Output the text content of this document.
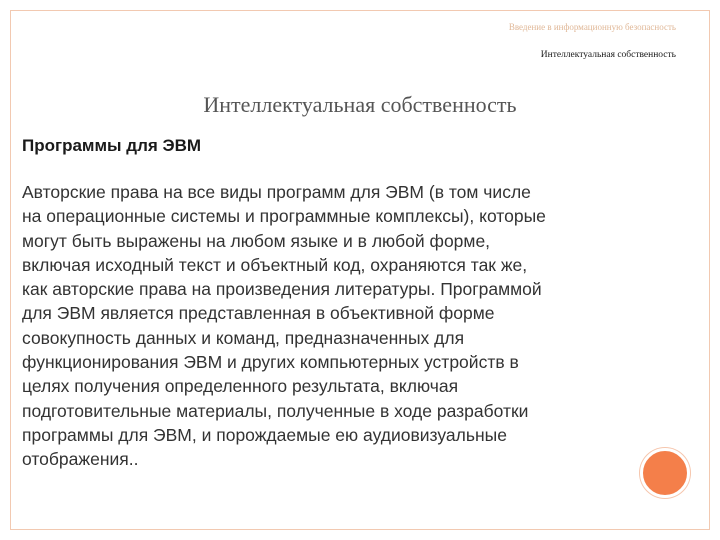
Введение в информационную безопасность
Интеллектуальная собственность
Интеллектуальная собственность
Программы для ЭВМ

Авторские права на все виды программ для ЭВМ (в том числе
на операционные системы и программные комплексы), которые
могут быть выражены на любом языке и в любой форме,
включая исходный текст и объектный код, охраняются так же,
как авторские права на произведения литературы. Программой
для ЭВМ является представленная в объективной форме
совокупность данных и команд, предназначенных для
функционирования ЭВМ и других компьютерных устройств в
целях получения определенного результата, включая
подготовительные материалы, полученные в ходе разработки
программы для ЭВМ, и порождаемые ею аудиовизуальные
отображения..
